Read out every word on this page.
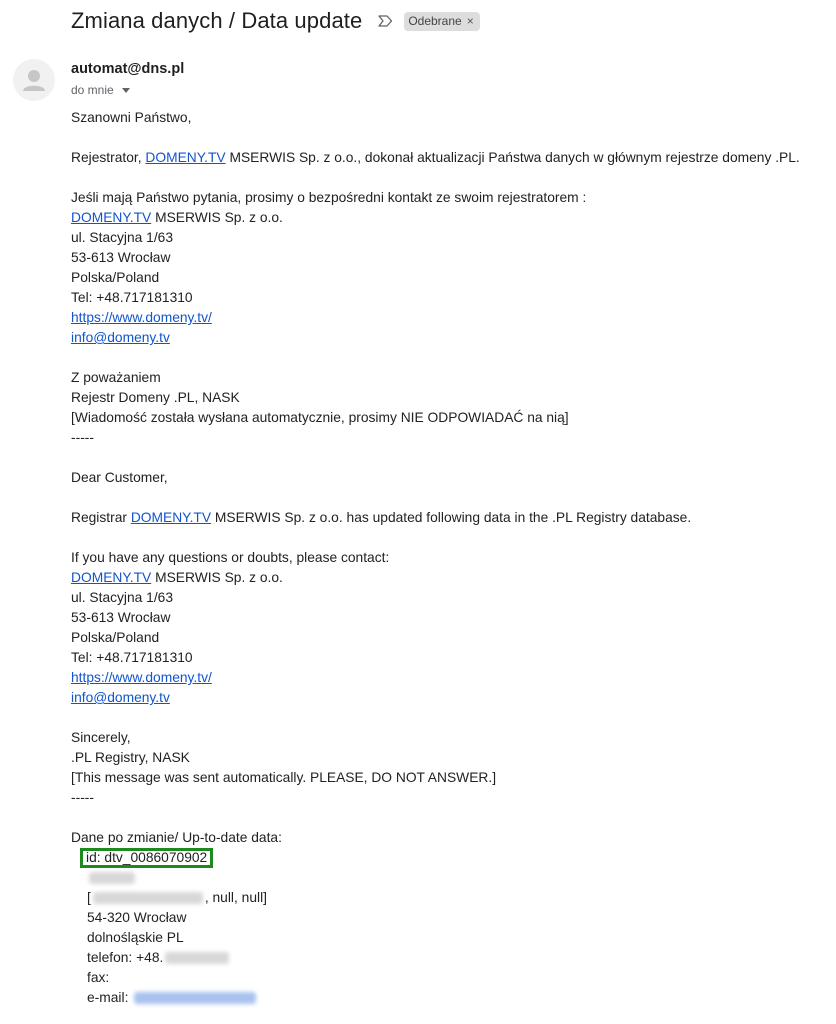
Zmiana danych / Data update	Odebrane ×
automat@dns.pl
do mnie
Szanowni Państwo,
Rejestrator, DOMENY.TV MSERWIS Sp. z o.o., dokonał aktualizacji Państwa danych w głównym rejestrze domeny .PL.
Jeśli mają Państwo pytania, prosimy o bezpośredni kontakt ze swoim rejestratorem :
DOMENY.TV MSERWIS Sp. z o.o.
ul. Stacyjna 1/63
53-613 Wrocław
Polska/Poland
Tel: +48.717181310
https://www.domeny.tv/
info@domeny.tv
Z poważaniem
Rejestr Domeny .PL, NASK
[Wiadomość została wysłana automatycznie, prosimy NIE ODPOWIADAĆ na nią]
-----
Dear Customer,
Registrar DOMENY.TV MSERWIS Sp. z o.o. has updated following data in the .PL Registry database.
If you have any questions or doubts, please contact:
DOMENY.TV MSERWIS Sp. z o.o.
ul. Stacyjna 1/63
53-613 Wrocław
Polska/Poland
Tel: +48.717181310
https://www.domeny.tv/
info@domeny.tv
Sincerely,
.PL Registry, NASK
[This message was sent automatically. PLEASE, DO NOT ANSWER.]
-----
Dane po zmianie/ Up-to-date data:
id: dtv_0086070902
[	, null, null]
54-320 Wrocław
dolnośląskie PL
telefon: +48.
fax:
e-mail:
